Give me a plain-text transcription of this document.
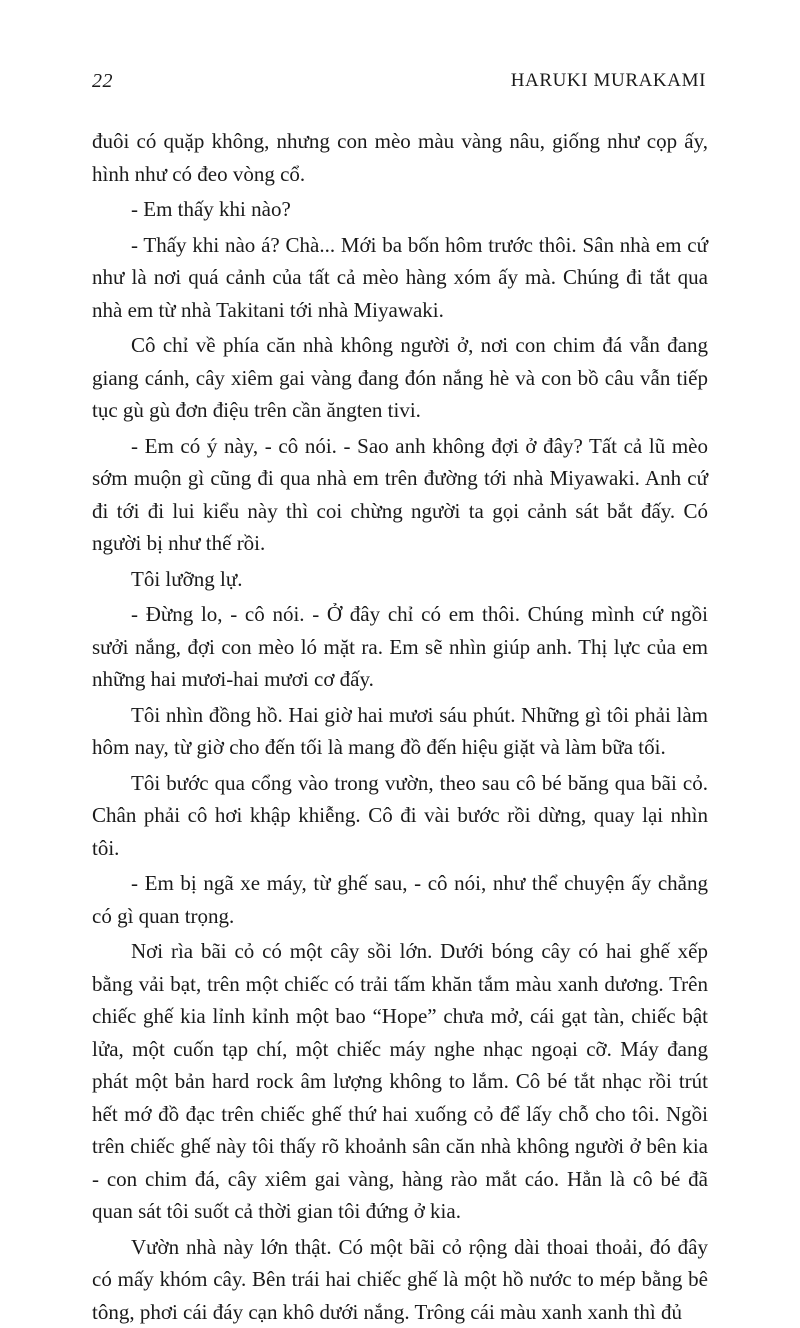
22	HARUKI MURAKAMI

đuôi có quặp không, nhưng con mèo màu vàng nâu, giống như cọp ấy, hình như có đeo vòng cổ.

- Em thấy khi nào?

- Thấy khi nào á? Chà... Mới ba bốn hôm trước thôi. Sân nhà em cứ như là nơi quá cảnh của tất cả mèo hàng xóm ấy mà. Chúng đi tắt qua nhà em từ nhà Takitani tới nhà Miyawaki.

Cô chỉ về phía căn nhà không người ở, nơi con chim đá vẫn đang giang cánh, cây xiêm gai vàng đang đón nắng hè và con bồ câu vẫn tiếp tục gù gù đơn điệu trên cần ăngten tivi.

- Em có ý này, - cô nói. - Sao anh không đợi ở đây? Tất cả lũ mèo sớm muộn gì cũng đi qua nhà em trên đường tới nhà Miyawaki. Anh cứ đi tới đi lui kiểu này thì coi chừng người ta gọi cảnh sát bắt đấy. Có người bị như thế rồi.

Tôi lưỡng lự.

- Đừng lo, - cô nói. - Ở đây chỉ có em thôi. Chúng mình cứ ngồi sưởi nắng, đợi con mèo ló mặt ra. Em sẽ nhìn giúp anh. Thị lực của em những hai mươi-hai mươi cơ đấy.

Tôi nhìn đồng hồ. Hai giờ hai mươi sáu phút. Những gì tôi phải làm hôm nay, từ giờ cho đến tối là mang đồ đến hiệu giặt và làm bữa tối.

Tôi bước qua cổng vào trong vườn, theo sau cô bé băng qua bãi cỏ. Chân phải cô hơi khập khiễng. Cô đi vài bước rồi dừng, quay lại nhìn tôi.

- Em bị ngã xe máy, từ ghế sau, - cô nói, như thể chuyện ấy chẳng có gì quan trọng.

Nơi rìa bãi cỏ có một cây sồi lớn. Dưới bóng cây có hai ghế xếp bằng vải bạt, trên một chiếc có trải tấm khăn tắm màu xanh dương. Trên chiếc ghế kia lỉnh kỉnh một bao “Hope” chưa mở, cái gạt tàn, chiếc bật lửa, một cuốn tạp chí, một chiếc máy nghe nhạc ngoại cỡ. Máy đang phát một bản hard rock âm lượng không to lắm. Cô bé tắt nhạc rồi trút hết mớ đồ đạc trên chiếc ghế thứ hai xuống cỏ để lấy chỗ cho tôi. Ngồi trên chiếc ghế này tôi thấy rõ khoảnh sân căn nhà không người ở bên kia - con chim đá, cây xiêm gai vàng, hàng rào mắt cáo. Hẳn là cô bé đã quan sát tôi suốt cả thời gian tôi đứng ở kia.

Vườn nhà này lớn thật. Có một bãi cỏ rộng dài thoai thoải, đó đây có mấy khóm cây. Bên trái hai chiếc ghế là một hồ nước to mép bằng bê tông, phơi cái đáy cạn khô dưới nắng. Trông cái màu xanh xanh thì đủ
